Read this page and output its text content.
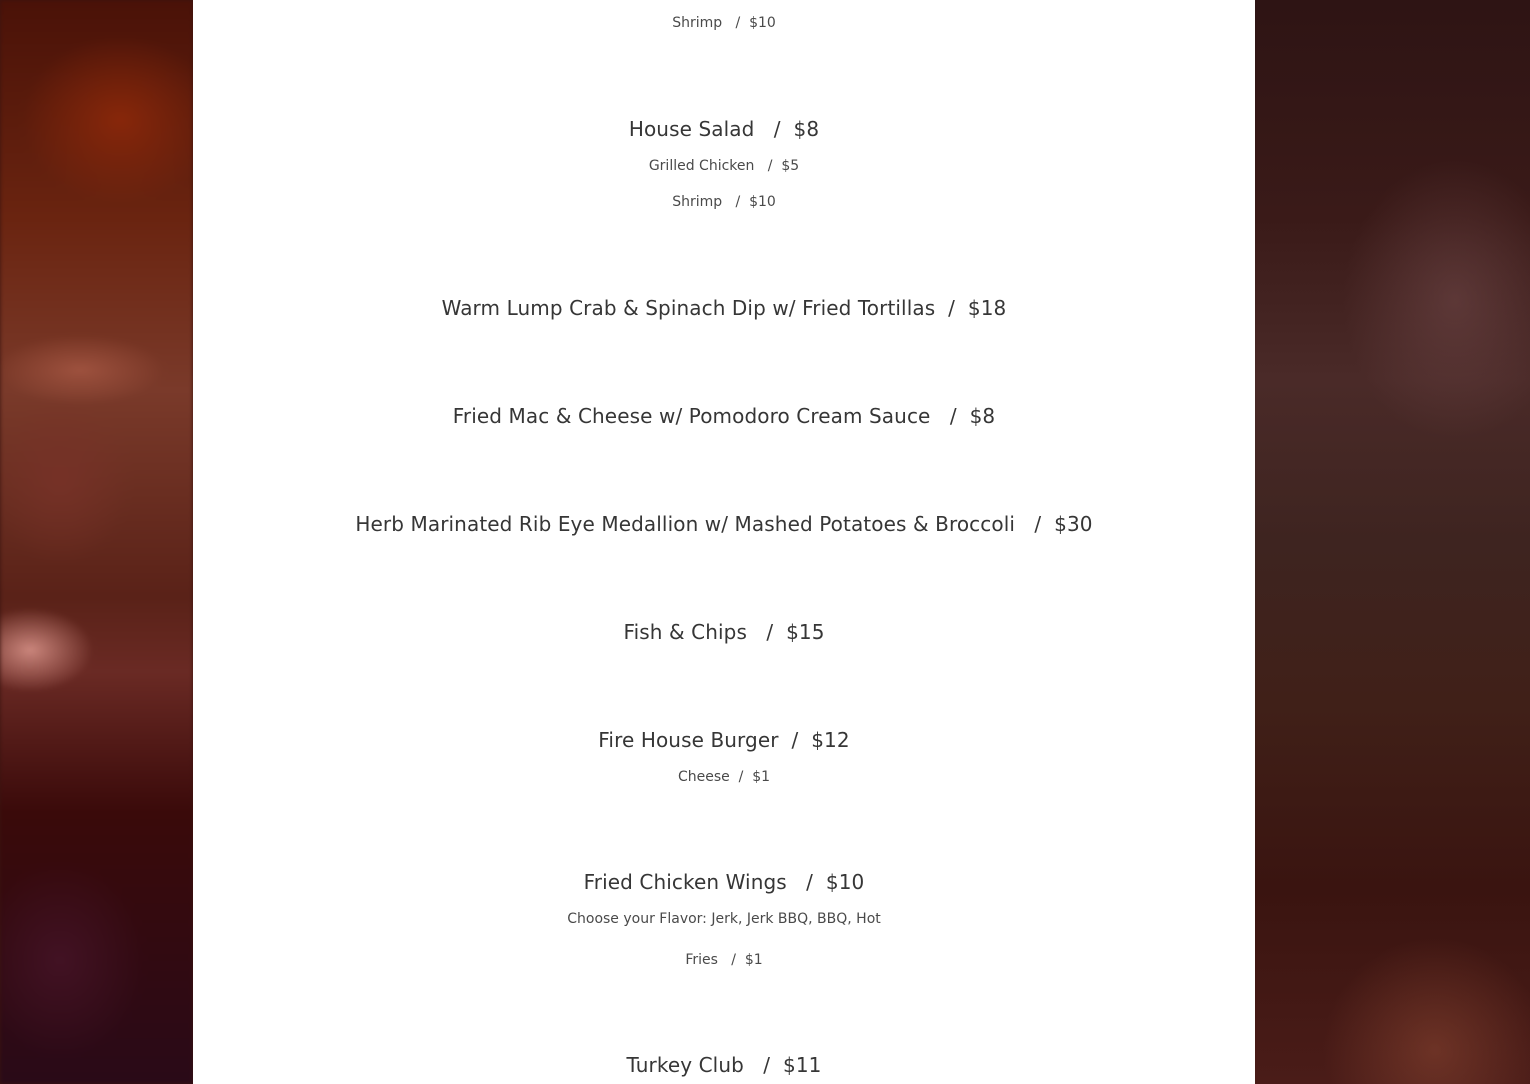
Shrimp   /  $10
House Salad   /  $8
Grilled Chicken   /  $5
Shrimp   /  $10
Warm Lump Crab & Spinach Dip w/ Fried Tortillas  /  $18
Fried Mac & Cheese w/ Pomodoro Cream Sauce   /  $8
Herb Marinated Rib Eye Medallion w/ Mashed Potatoes & Broccoli   /  $30
Fish & Chips   /  $15
Fire House Burger  /  $12
Cheese  /  $1
Fried Chicken Wings   /  $10
Choose your Flavor: Jerk, Jerk BBQ, BBQ, Hot
Fries   /  $1
Turkey Club   /  $11
